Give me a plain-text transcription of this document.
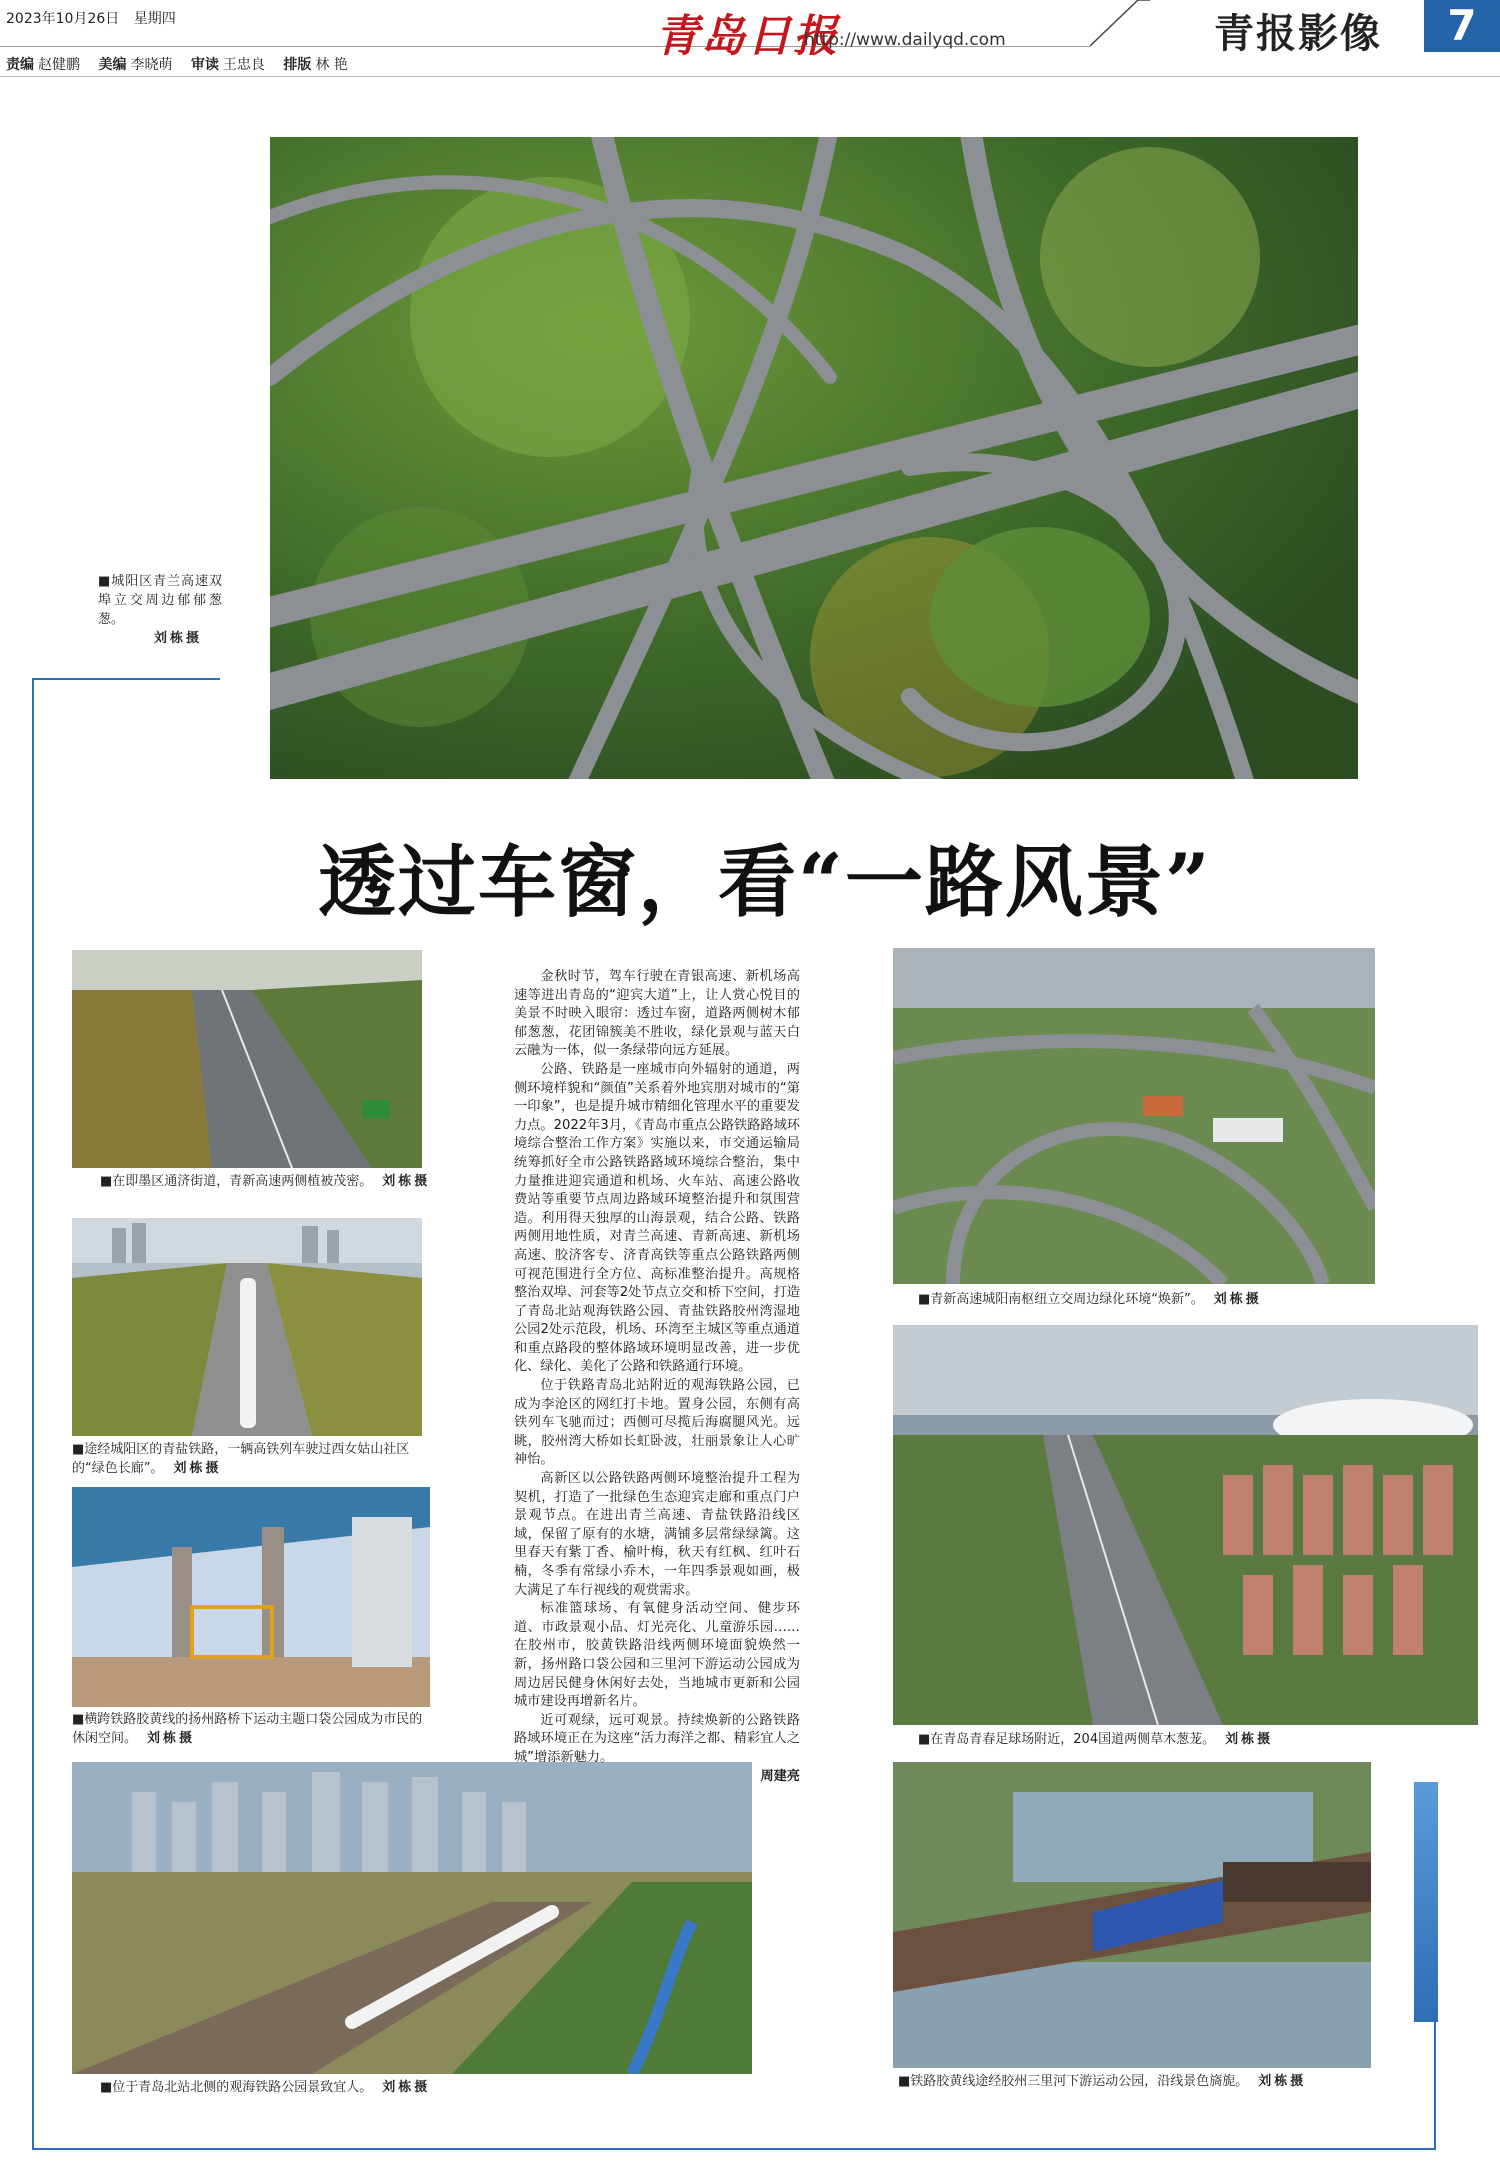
2023年10月26日 星期四
责编 赵健鹏 美编 李晓萌 审读 王忠良 排版 林 艳
青岛日报
http://www.dailyqd.com	青报影像	7
■城阳区青兰高速双埠立交周边郁郁葱葱。
刘栋摄
透过车窗，看“一路风景”
■在即墨区通济街道，青新高速两侧植被茂密。 刘栋摄
■途经城阳区的青盐铁路，一辆高铁列车驶过西女姑山社区的“绿色长廊”。 刘栋摄
■横跨铁路胶黄线的扬州路桥下运动主题口袋公园成为市民的休闲空间。 刘栋摄
■位于青岛北站北侧的观海铁路公园景致宜人。 刘栋摄

金秋时节，驾车行驶在青银高速、新机场高速等进出青岛的“迎宾大道”上，让人赏心悦目的美景不时映入眼帘：透过车窗，道路两侧树木郁郁葱葱，花团锦簇美不胜收，绿化景观与蓝天白云融为一体，似一条绿带向远方延展。

公路、铁路是一座城市向外辐射的通道，两侧环境样貌和“颜值”关系着外地宾朋对城市的“第一印象”，也是提升城市精细化管理水平的重要发力点。2022年3月，《青岛市重点公路铁路路域环境综合整治工作方案》实施以来，市交通运输局统筹抓好全市公路铁路路域环境综合整治，集中力量推进迎宾通道和机场、火车站、高速公路收费站等重要节点周边路域环境整治提升和氛围营造。利用得天独厚的山海景观，结合公路、铁路两侧用地性质，对青兰高速、青新高速、新机场高速、胶济客专、济青高铁等重点公路铁路两侧可视范围进行全方位、高标准整治提升。高规格整治双埠、河套等2处节点立交和桥下空间，打造了青岛北站观海铁路公园、青盐铁路胶州湾湿地公园2处示范段，机场、环湾至主城区等重点通道和重点路段的整体路域环境明显改善，进一步优化、绿化、美化了公路和铁路通行环境。

位于铁路青岛北站附近的观海铁路公园，已成为李沧区的网红打卡地。置身公园，东侧有高铁列车飞驰而过；西侧可尽揽后海腐腿风光。远眺，胶州湾大桥如长虹卧波，壮丽景象让人心旷神怡。

高新区以公路铁路两侧环境整治提升工程为契机，打造了一批绿色生态迎宾走廊和重点门户景观节点。在进出青兰高速、青盐铁路沿线区域，保留了原有的水塘，满铺多层常绿绿篱。这里春天有紫丁香、榆叶梅，秋天有红枫、红叶石楠，冬季有常绿小乔木，一年四季景观如画，极大满足了车行视线的观赏需求。

标准篮球场、有氧健身活动空间、健步环道、市政景观小品、灯光亮化、儿童游乐园……在胶州市，胶黄铁路沿线两侧环境面貌焕然一新，扬州路口袋公园和三里河下游运动公园成为周边居民健身休闲好去处，当地城市更新和公园城市建设再增新名片。

近可观绿，远可观景。持续焕新的公路铁路路域环境正在为这座“活力海洋之都、精彩宜人之城”增添新魅力。

周建亮
■青新高速城阳南枢纽立交周边绿化环境“焕新”。 刘栋摄
■在青岛青春足球场附近，204国道两侧草木葱茏。 刘栋摄
■铁路胶黄线途经胶州三里河下游运动公园，沿线景色旖旎。 刘栋摄
